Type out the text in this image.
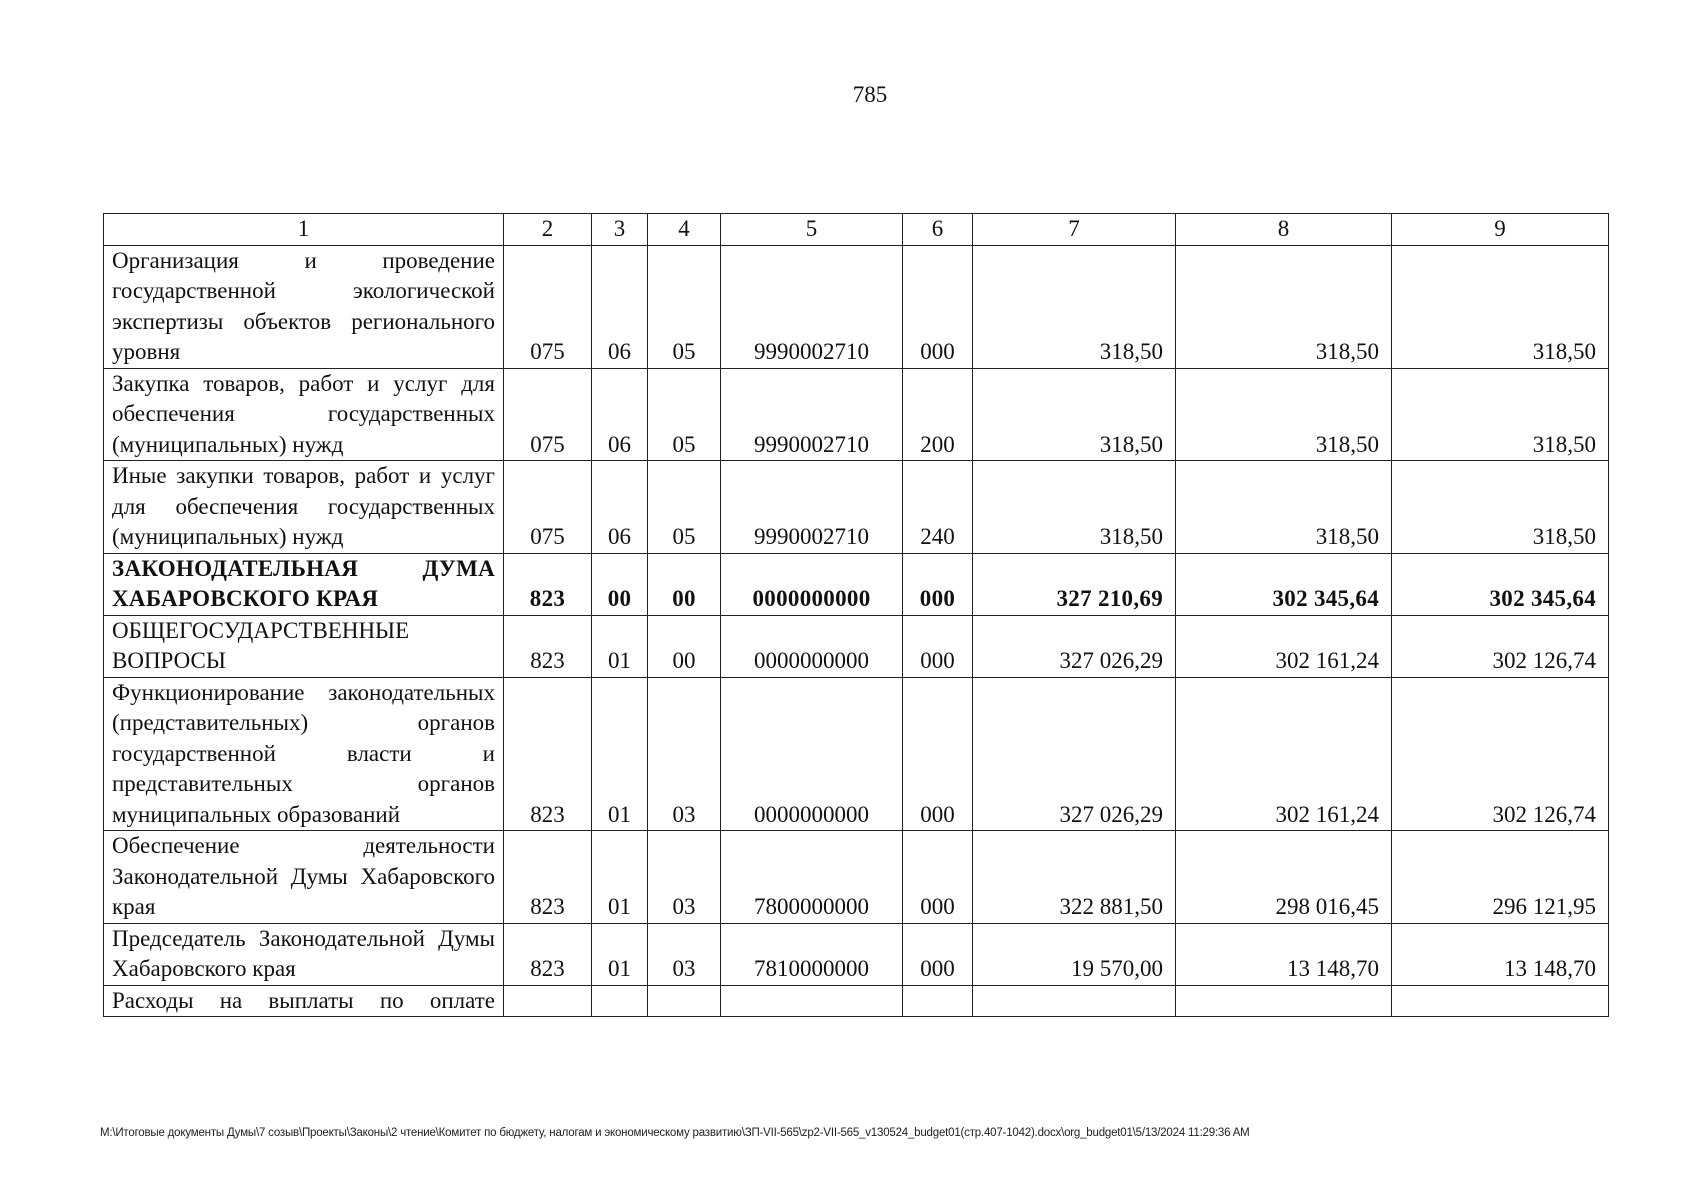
785
1	2	3	4	5	6	7	8	9
Организация и проведение государственной экологической экспертизы объектов регионального уровня	075	06	05	9990002710	000	318,50	318,50	318,50
Закупка товаров, работ и услуг для обеспечения государственных (муниципальных) нужд	075	06	05	9990002710	200	318,50	318,50	318,50
Иные закупки товаров, работ и услуг для обеспечения государственных (муниципальных) нужд	075	06	05	9990002710	240	318,50	318,50	318,50
ЗАКОНОДАТЕЛЬНАЯ ДУМА ХАБАРОВСКОГО КРАЯ	823	00	00	0000000000	000	327 210,69	302 345,64	302 345,64
ОБЩЕГОСУДАРСТВЕННЫЕ ВОПРОСЫ	823	01	00	0000000000	000	327 026,29	302 161,24	302 126,74
Функционирование законодательных (представительных) органов государственной власти и представительных органов муниципальных образований	823	01	03	0000000000	000	327 026,29	302 161,24	302 126,74
Обеспечение деятельности Законодательной Думы Хабаровского края	823	01	03	7800000000	000	322 881,50	298 016,45	296 121,95
Председатель Законодательной Думы Хабаровского края	823	01	03	7810000000	000	19 570,00	13 148,70	13 148,70
Расходы на выплаты по оплате								
M:\Итоговые документы Думы\7 созыв\Проекты\Законы\2 чтение\Комитет по бюджету, налогам и экономическому развитию\ЗП-VII-565\zp2-VII-565_v130524_budget01(стр.407-1042).docx\org_budget01\5/13/2024 11:29:36 AM
